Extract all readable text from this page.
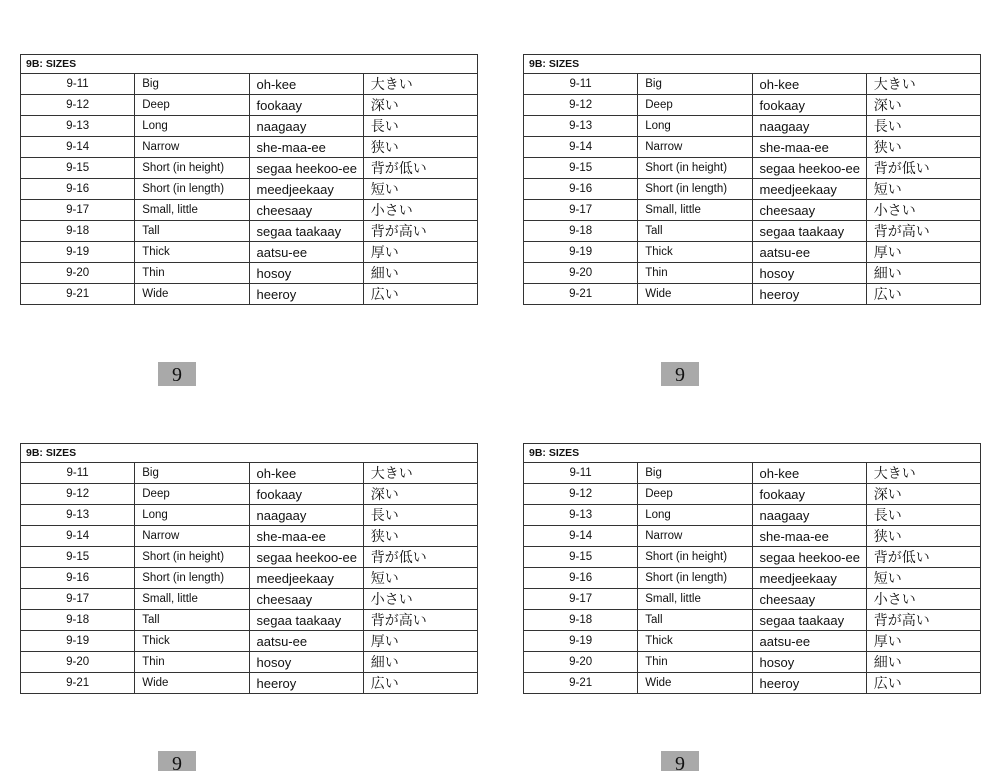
9B: SIZES			
9-11	Big	oh-kee	大きい
9-12	Deep	fookaay	深い
9-13	Long	naagaay	長い
9-14	Narrow	she-maa-ee	狭い
9-15	Short (in height)	segaa heekoo-ee	背が低い
9-16	Short (in length)	meedjeekaay	短い
9-17	Small, little	cheesaay	小さい
9-18	Tall	segaa taakaay	背が高い
9-19	Thick	aatsu-ee	厚い
9-20	Thin	hosoy	細い
9-21	Wide	heeroy	広い
9
9B: SIZES			
9-11	Big	oh-kee	大きい
9-12	Deep	fookaay	深い
9-13	Long	naagaay	長い
9-14	Narrow	she-maa-ee	狭い
9-15	Short (in height)	segaa heekoo-ee	背が低い
9-16	Short (in length)	meedjeekaay	短い
9-17	Small, little	cheesaay	小さい
9-18	Tall	segaa taakaay	背が高い
9-19	Thick	aatsu-ee	厚い
9-20	Thin	hosoy	細い
9-21	Wide	heeroy	広い
9
9B: SIZES			
9-11	Big	oh-kee	大きい
9-12	Deep	fookaay	深い
9-13	Long	naagaay	長い
9-14	Narrow	she-maa-ee	狭い
9-15	Short (in height)	segaa heekoo-ee	背が低い
9-16	Short (in length)	meedjeekaay	短い
9-17	Small, little	cheesaay	小さい
9-18	Tall	segaa taakaay	背が高い
9-19	Thick	aatsu-ee	厚い
9-20	Thin	hosoy	細い
9-21	Wide	heeroy	広い
9
9B: SIZES			
9-11	Big	oh-kee	大きい
9-12	Deep	fookaay	深い
9-13	Long	naagaay	長い
9-14	Narrow	she-maa-ee	狭い
9-15	Short (in height)	segaa heekoo-ee	背が低い
9-16	Short (in length)	meedjeekaay	短い
9-17	Small, little	cheesaay	小さい
9-18	Tall	segaa taakaay	背が高い
9-19	Thick	aatsu-ee	厚い
9-20	Thin	hosoy	細い
9-21	Wide	heeroy	広い
9
